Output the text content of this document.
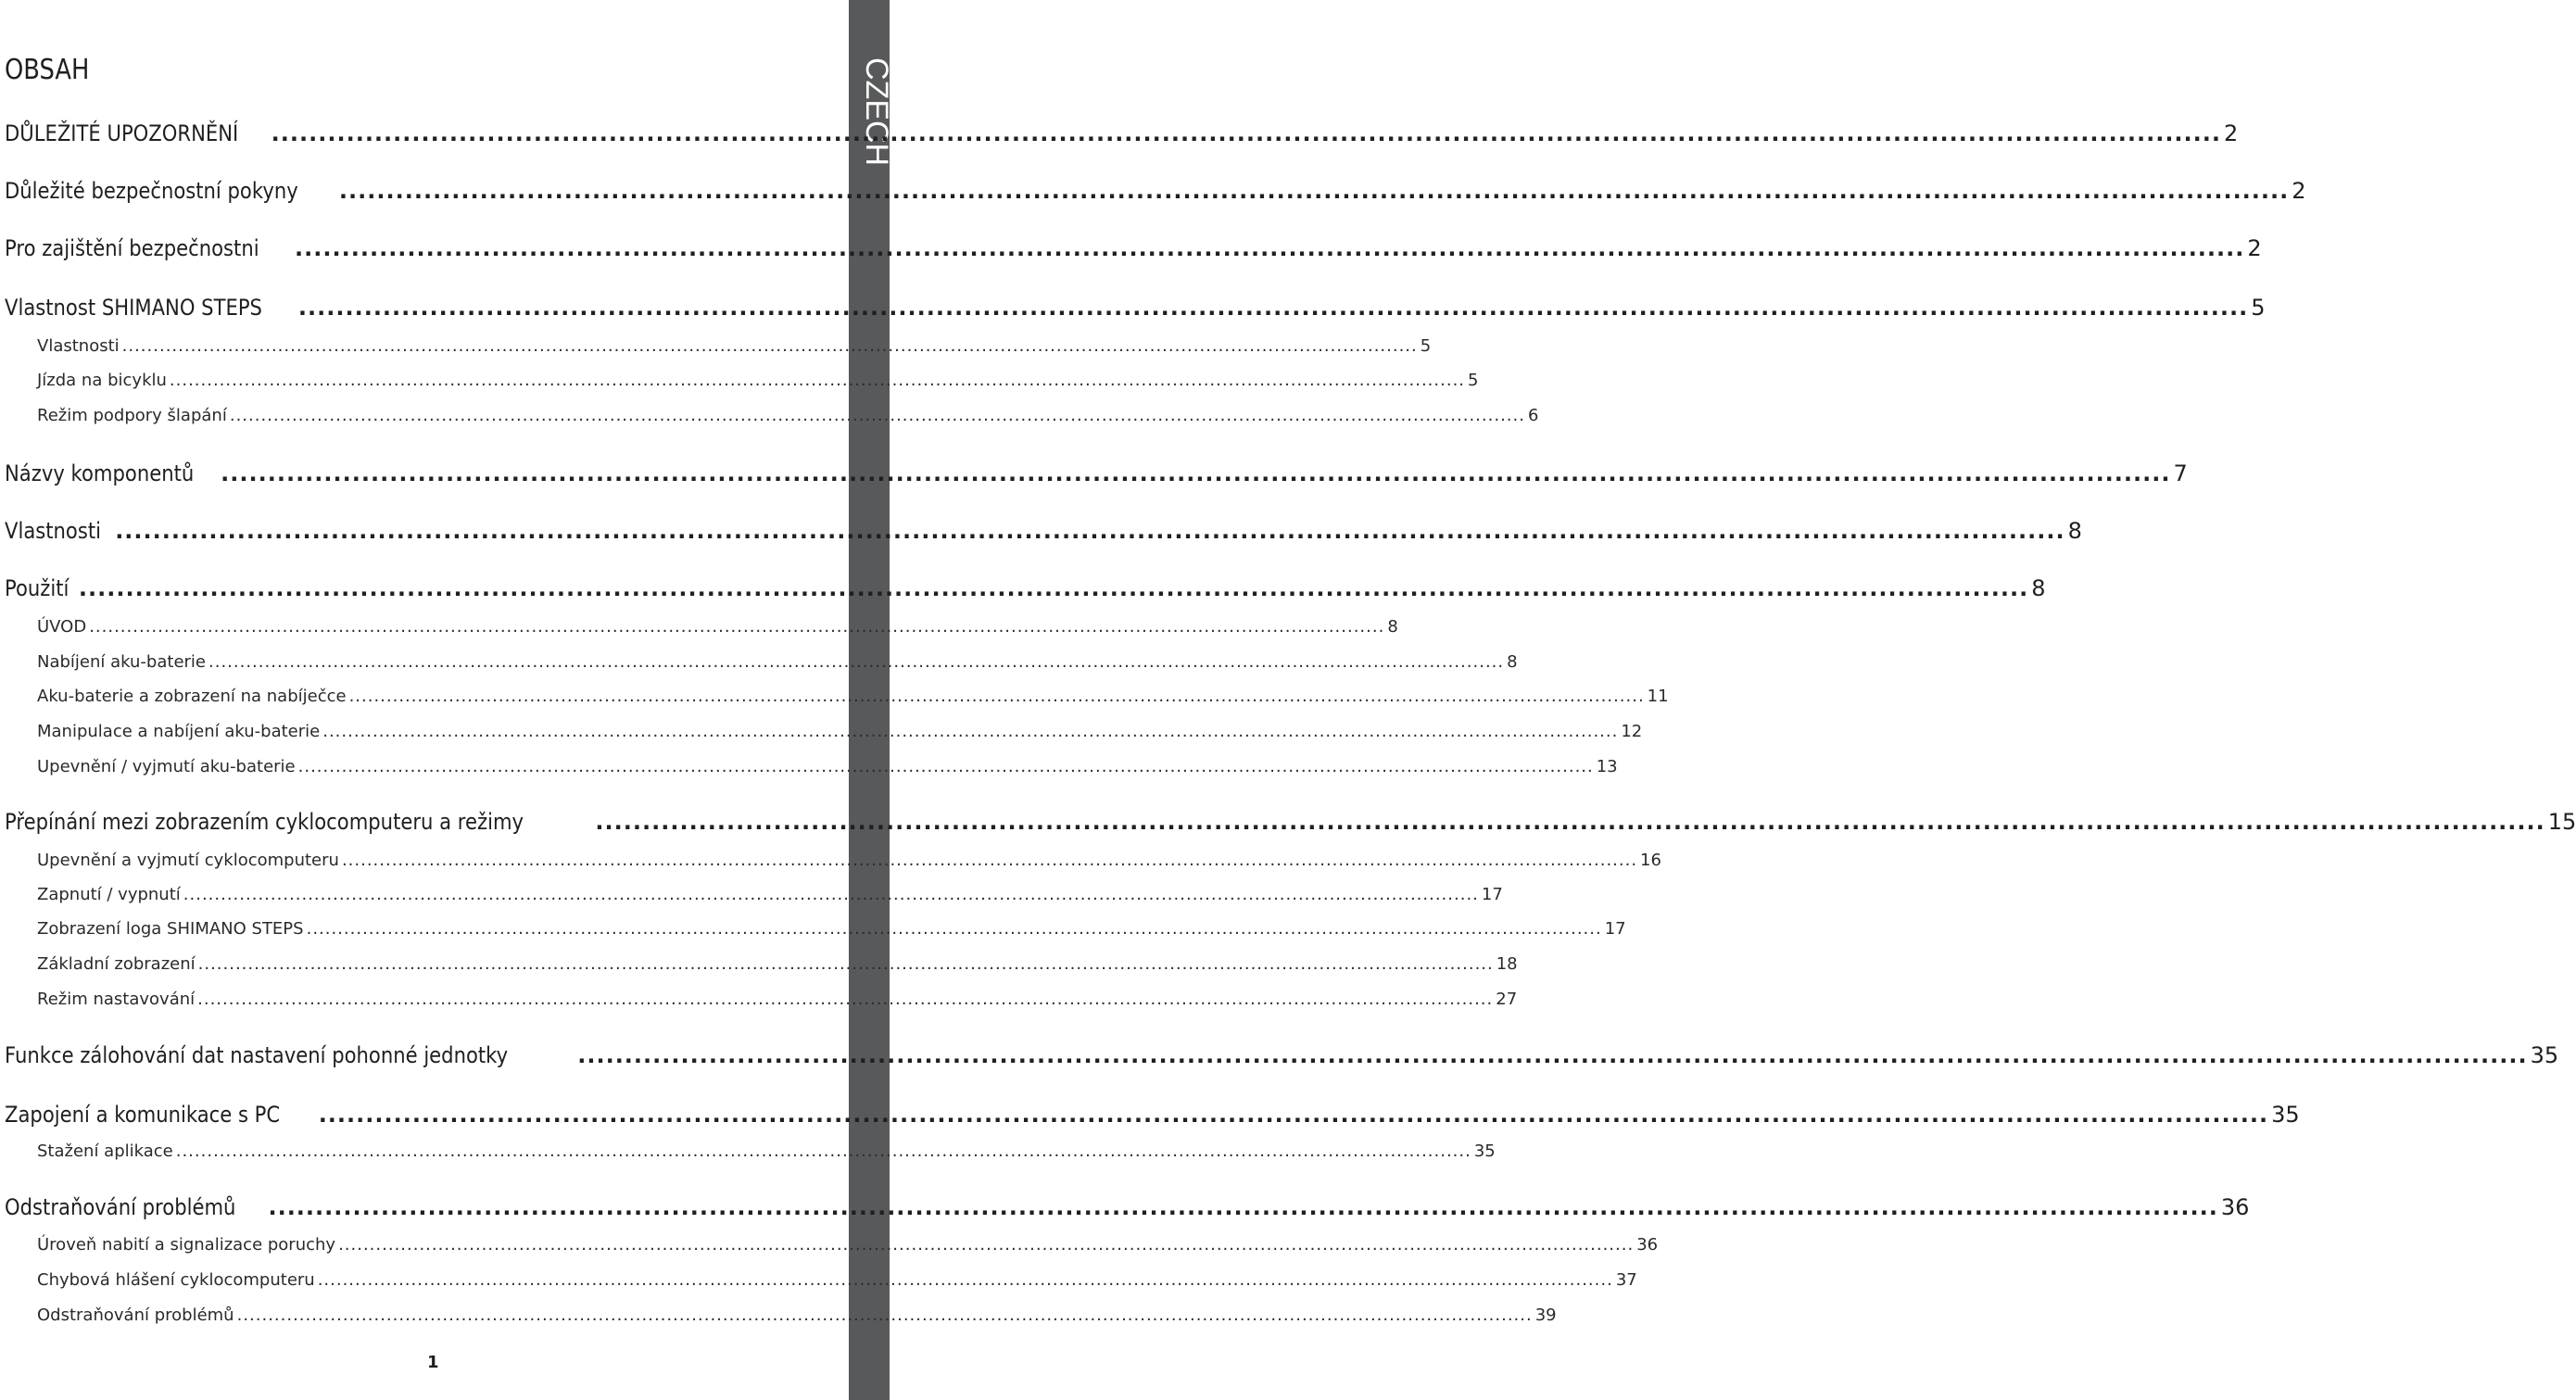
CZECH
OBSAH
DŮLEŽITÉ UPOZORNĚNÍ .....	2
Důležité bezpečnostní pokyny .....	2
Pro zajištění bezpečnostni .....	2
Vlastnost SHIMANO STEPS .....	5
Vlastnosti .....	5
Jízda na bicyklu .....	5
Režim podpory šlapání .....	6
Názvy komponentů .....	7
Vlastnosti .....	8
Použití .....	8
ÚVOD .....	8
Nabíjení aku-baterie .....	8
Aku-baterie a zobrazení na nabíječce .....	11
Manipulace a nabíjení aku-baterie .....	12
Upevnění / vyjmutí aku-baterie .....	13
Přepínání mezi zobrazením cyklocomputeru a režimy .....	15
Upevnění a vyjmutí cyklocomputeru .....	16
Zapnutí / vypnutí .....	17
Zobrazení loga SHIMANO STEPS .....	17
Základní zobrazení .....	18
Režim nastavování .....	27
Funkce zálohování dat nastavení pohonné jednotky .....	35
Zapojení a komunikace s PC .....	35
Stažení aplikace .....	35
Odstraňování problémů .....	36
Úroveň nabití a signalizace poruchy .....	36
Chybová hlášení cyklocomputeru .....	37
Odstraňování problémů .....	39
1
